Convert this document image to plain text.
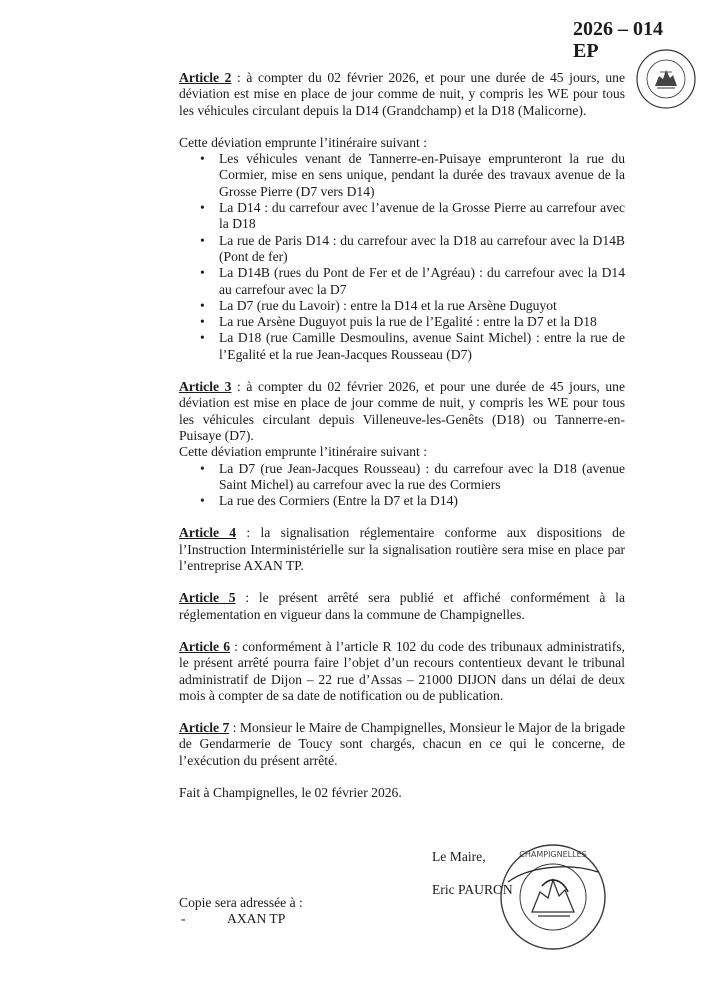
2026 – 014
EP

Article 2 : à compter du 02 février 2026, et pour une durée de 45 jours, une déviation est mise en place de jour comme de nuit, y compris les WE pour tous les véhicules circulant depuis la D14 (Grandchamp) et la D18 (Malicorne).

Cette déviation emprunte l’itinéraire suivant :

• Les véhicules venant de Tannerre-en-Puisaye emprunteront la rue du Cormier, mise en sens unique, pendant la durée des travaux avenue de la Grosse Pierre (D7 vers D14)
• La D14 : du carrefour avec l’avenue de la Grosse Pierre au carrefour avec la D18
• La rue de Paris D14 : du carrefour avec la D18 au carrefour avec la D14B (Pont de fer)
• La D14B (rues du Pont de Fer et de l’Agréau) : du carrefour avec la D14 au carrefour avec la D7
• La D7 (rue du Lavoir) : entre la D14 et la rue Arsène Duguyot
• La rue Arsène Duguyot puis la rue de l’Egalité : entre la D7 et la D18
• La D18 (rue Camille Desmoulins, avenue Saint Michel) : entre la rue de l’Egalité et la rue Jean-Jacques Rousseau (D7)

Article 3 : à compter du 02 février 2026, et pour une durée de 45 jours, une déviation est mise en place de jour comme de nuit, y compris les WE pour tous les véhicules circulant depuis Villeneuve-les-Genêts (D18) ou Tannerre-en-Puisaye (D7).

Cette déviation emprunte l’itinéraire suivant :

• La D7 (rue Jean-Jacques Rousseau) : du carrefour avec la D18 (avenue Saint Michel) au carrefour avec la rue des Cormiers
• La rue des Cormiers (Entre la D7 et la D14)

Article 4 : la signalisation réglementaire conforme aux dispositions de l’Instruction Interministérielle sur la signalisation routière sera mise en place par l’entreprise AXAN TP.

Article 5 : le présent arrêté sera publié et affiché conformément à la réglementation en vigueur dans la commune de Champignelles.

Article 6 : conformément à l’article R 102 du code des tribunaux administratifs, le présent arrêté pourra faire l’objet d’un recours contentieux devant le tribunal administratif de Dijon – 22 rue d’Assas – 21000 DIJON dans un délai de deux mois à compter de sa date de notification ou de publication.

Article 7 : Monsieur le Maire de Champignelles, Monsieur le Major de la brigade de Gendarmerie de Toucy sont chargés, chacun en ce qui le concerne, de l’exécution du présent arrêté.

Fait à Champignelles, le 02 février 2026.

Le Maire,
Eric PAURON
CHAMPIGNELLES
Copie sera adressée à :
-	AXAN TP
